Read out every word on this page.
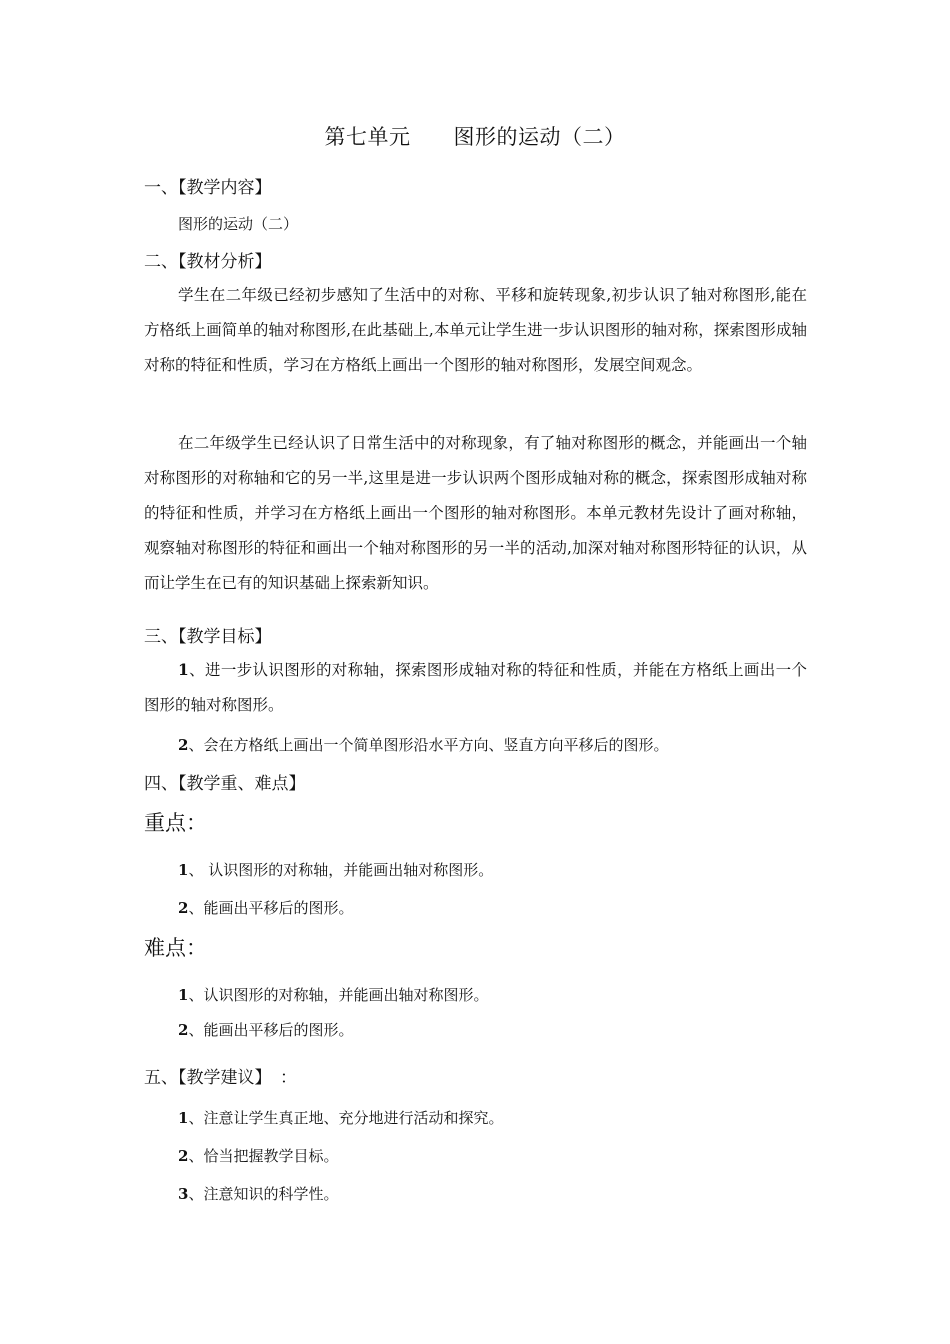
第七单元　　图形的运动（二）
一、【教学内容】
图形的运动（二）
二、【教材分析】

学生在二年级已经初步感知了生活中的对称、平移和旋转现象,初步认识了轴对称图形,能在方格纸上画简单的轴对称图形,在此基础上,本单元让学生进一步认识图形的轴对称，探索图形成轴对称的特征和性质，学习在方格纸上画出一个图形的轴对称图形，发展空间观念。

在二年级学生已经认识了日常生活中的对称现象，有了轴对称图形的概念，并能画出一个轴对称图形的对称轴和它的另一半,这里是进一步认识两个图形成轴对称的概念，探索图形成轴对称的特征和性质，并学习在方格纸上画出一个图形的轴对称图形。本单元教材先设计了画对称轴，观察轴对称图形的特征和画出一个轴对称图形的另一半的活动,加深对轴对称图形特征的认识，从而让学生在已有的知识基础上探索新知识。

三、【教学目标】

1、进一步认识图形的对称轴，探索图形成轴对称的特征和性质，并能在方格纸上画出一个图形的轴对称图形。

2、会在方格纸上画出一个简单图形沿水平方向、竖直方向平移后的图形。
四、【教学重、难点】
重点：
1、 认识图形的对称轴，并能画出轴对称图形。
2、能画出平移后的图形。
难点：
1、认识图形的对称轴，并能画出轴对称图形。
2、能画出平移后的图形。
五、【教学建议】　：
1、注意让学生真正地、充分地进行活动和探究。
2、恰当把握教学目标。
3、注意知识的科学性。
